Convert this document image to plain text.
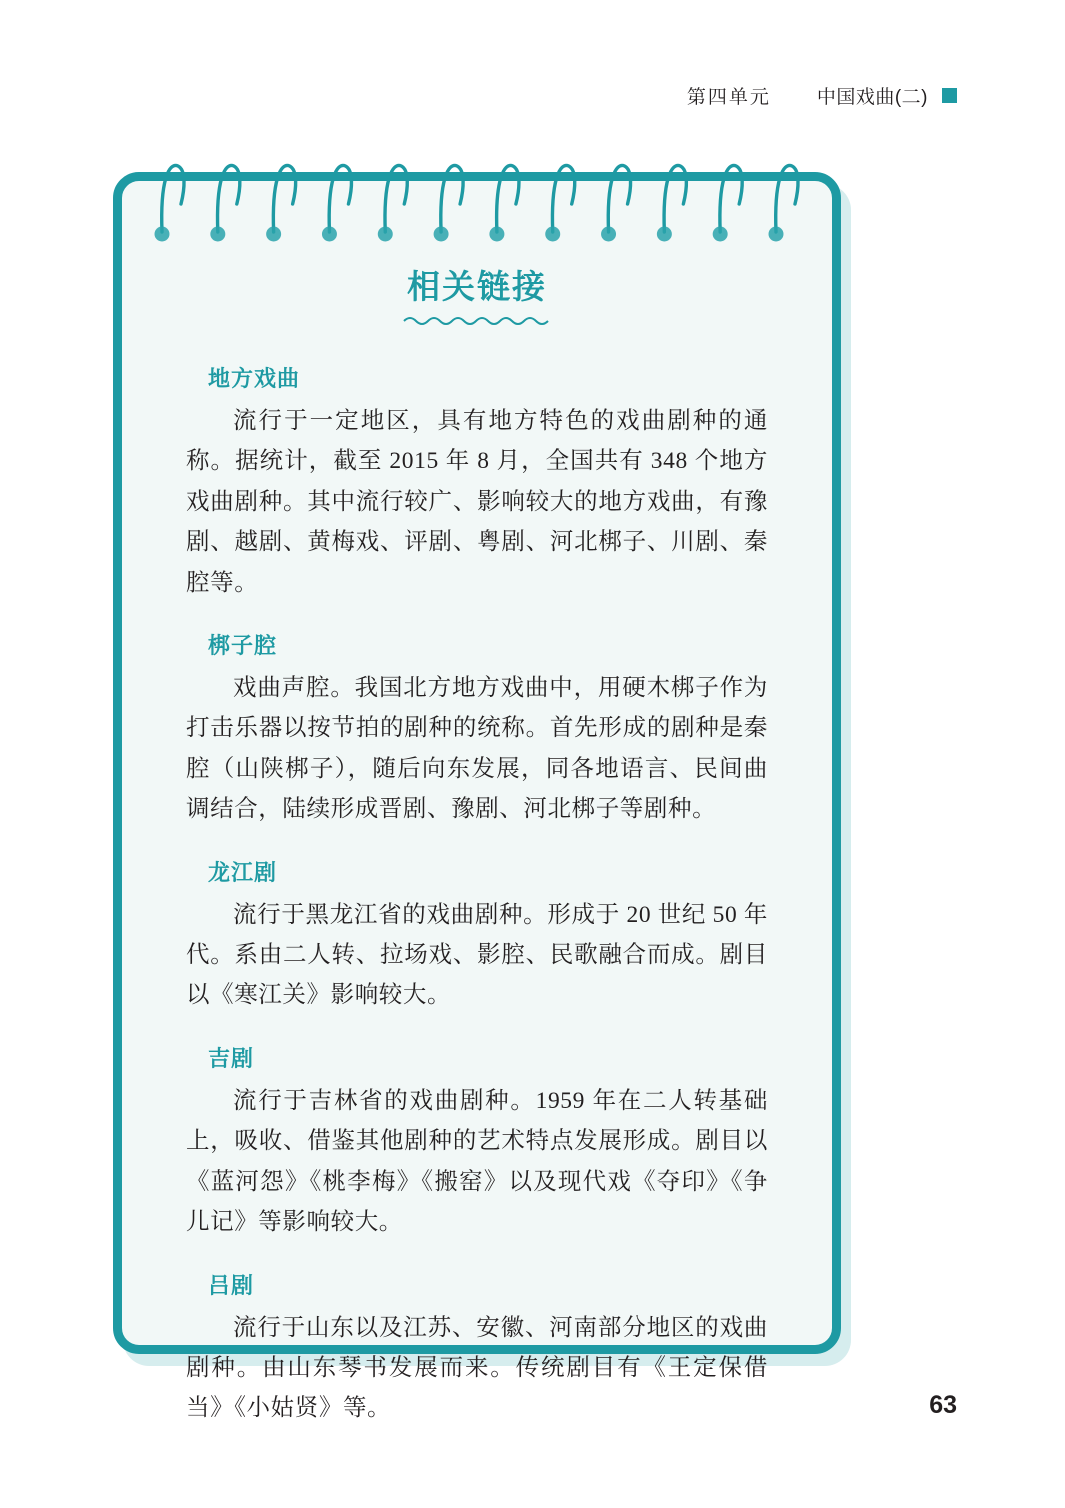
第四单元 中国戏曲(二)
相关链接
地方戏曲

流行于一定地区，具有地方特色的戏曲剧种的通称。据统计，截至 2015 年 8 月，全国共有 348 个地方戏曲剧种。其中流行较广、影响较大的地方戏曲，有豫剧、越剧、黄梅戏、评剧、粤剧、河北梆子、川剧、秦腔等。

梆子腔

戏曲声腔。我国北方地方戏曲中，用硬木梆子作为打击乐器以按节拍的剧种的统称。首先形成的剧种是秦腔（山陕梆子），随后向东发展，同各地语言、民间曲调结合，陆续形成晋剧、豫剧、河北梆子等剧种。

龙江剧

流行于黑龙江省的戏曲剧种。形成于 20 世纪 50 年代。系由二人转、拉场戏、影腔、民歌融合而成。剧目以《寒江关》影响较大。

吉剧

流行于吉林省的戏曲剧种。1959 年在二人转基础上，吸收、借鉴其他剧种的艺术特点发展形成。剧目以《蓝河怨》《桃李梅》《搬窑》以及现代戏《夺印》《争儿记》等影响较大。

吕剧

流行于山东以及江苏、安徽、河南部分地区的戏曲剧种。由山东琴书发展而来。传统剧目有《王定保借当》《小姑贤》等。	63
